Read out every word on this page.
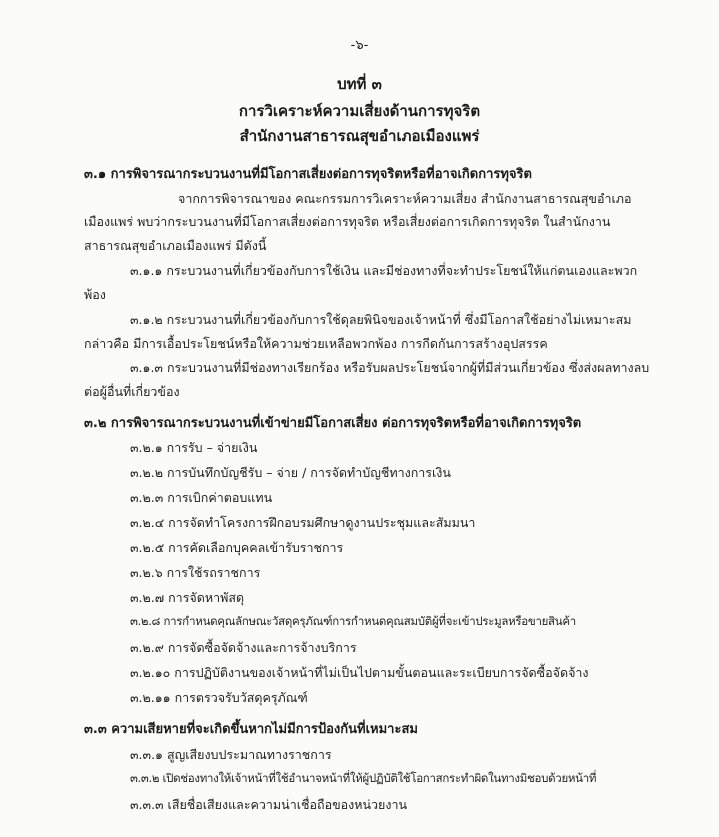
-๖-
บทที่ ๓
การวิเคราะห์ความเสี่ยงด้านการทุจริต
สำนักงานสาธารณสุขอำเภอเมืองแพร่
๓.๑ การพิจารณากระบวนงานที่มีโอกาสเสี่ยงต่อการทุจริตหรือที่อาจเกิดการทุจริต
จากการพิจารณาของ คณะกรรมการวิเคราะห์ความเสี่ยง สำนักงานสาธารณสุขอำเภอ
เมืองแพร่ พบว่ากระบวนงานที่มีโอกาสเสี่ยงต่อการทุจริต หรือเสี่ยงต่อการเกิดการทุจริต ในสำนักงาน
สาธารณสุขอำเภอเมืองแพร่ มีดังนี้
๓.๑.๑ กระบวนงานที่เกี่ยวข้องกับการใช้เงิน และมีช่องทางที่จะทำประโยชน์ให้แก่ตนเองและพวก
พ้อง
๓.๑.๒ กระบวนงานที่เกี่ยวข้องกับการใช้ดุลยพินิจของเจ้าหน้าที่ ซึ่งมีโอกาสใช้อย่างไม่เหมาะสม
กล่าวคือ มีการเอื้อประโยชน์หรือให้ความช่วยเหลือพวกพ้อง การกีดกันการสร้างอุปสรรค
๓.๑.๓ กระบวนงานที่มีช่องทางเรียกร้อง หรือรับผลประโยชน์จากผู้ที่มีส่วนเกี่ยวข้อง ซึ่งส่งผลทางลบ
ต่อผู้อื่นที่เกี่ยวข้อง
๓.๒ การพิจารณากระบวนงานที่เข้าข่ายมีโอกาสเสี่ยง ต่อการทุจริตหรือที่อาจเกิดการทุจริต
๓.๒.๑ การรับ – จ่ายเงิน
๓.๒.๒ การบันทึกบัญชีรับ – จ่าย / การจัดทำบัญชีทางการเงิน
๓.๒.๓ การเบิกค่าตอบแทน
๓.๒.๔ การจัดทำโครงการฝึกอบรมศึกษาดูงานประชุมและสัมมนา
๓.๒.๕ การคัดเลือกบุคคลเข้ารับราชการ
๓.๒.๖ การใช้รถราชการ
๓.๒.๗ การจัดหาพัสดุ
๓.๒.๘ การกำหนดคุณลักษณะวัสดุครุภัณฑ์การกำหนดคุณสมบัติผู้ที่จะเข้าประมูลหรือขายสินค้า
๓.๒.๙ การจัดซื้อจัดจ้างและการจ้างบริการ
๓.๒.๑๐ การปฏิบัติงานของเจ้าหน้าที่ไม่เป็นไปตามขั้นตอนและระเบียบการจัดซื้อจัดจ้าง
๓.๒.๑๑ การตรวจรับวัสดุครุภัณฑ์
๓.๓ ความเสียหายที่จะเกิดขึ้นหากไม่มีการป้องกันที่เหมาะสม
๓.๓.๑ สูญเสียงบประมาณทางราชการ
๓.๓.๒ เปิดช่องทางให้เจ้าหน้าที่ใช้อำนาจหน้าที่ให้ผู้ปฏิบัติใช้โอกาสกระทำผิดในทางมิชอบด้วยหน้าที่
๓.๓.๓ เสียชื่อเสียงและความน่าเชื่อถือของหน่วยงาน
